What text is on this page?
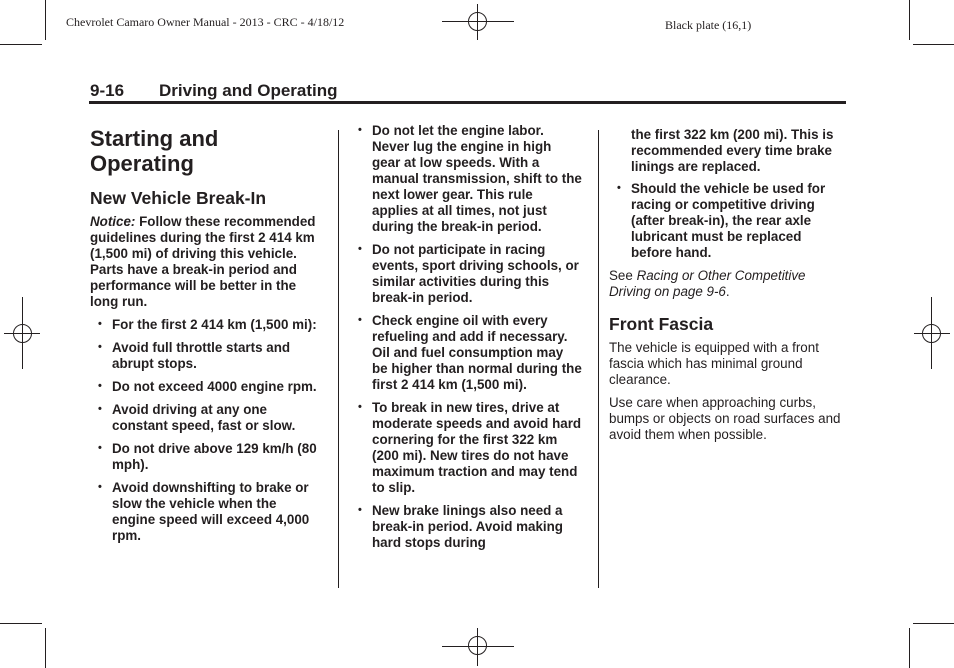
Chevrolet Camaro Owner Manual - 2013 - CRC - 4/18/12	Black plate (16,1)
9-16 Driving and Operating
Starting and Operating
New Vehicle Break-In

Notice: Follow these recommended guidelines during the first 2 414 km (1,500 mi) of driving this vehicle. Parts have a break-in period and performance will be better in the long run.

• For the first 2 414 km (1,500 mi):
• Avoid full throttle starts and abrupt stops.
• Do not exceed 4000 engine rpm.
• Avoid driving at any one constant speed, fast or slow.
• Do not drive above 129 km/h (80 mph).
• Avoid downshifting to brake or slow the vehicle when the engine speed will exceed 4,000 rpm.
• Do not let the engine labor. Never lug the engine in high gear at low speeds. With a manual transmission, shift to the next lower gear. This rule applies at all times, not just during the break-in period.
• Do not participate in racing events, sport driving schools, or similar activities during this break-in period.
• Check engine oil with every refueling and add if necessary. Oil and fuel consumption may be higher than normal during the first 2 414 km (1,500 mi).
• To break in new tires, drive at moderate speeds and avoid hard cornering for the first 322 km (200 mi). New tires do not have maximum traction and may tend to slip.
• New brake linings also need a break-in period. Avoid making hard stops during
the first 322 km (200 mi). This is recommended every time brake linings are replaced.
• Should the vehicle be used for racing or competitive driving (after break-in), the rear axle lubricant must be replaced before hand.

See Racing or Other Competitive Driving on page 9-6.

Front Fascia

The vehicle is equipped with a front fascia which has minimal ground clearance.

Use care when approaching curbs, bumps or objects on road surfaces and avoid them when possible.
